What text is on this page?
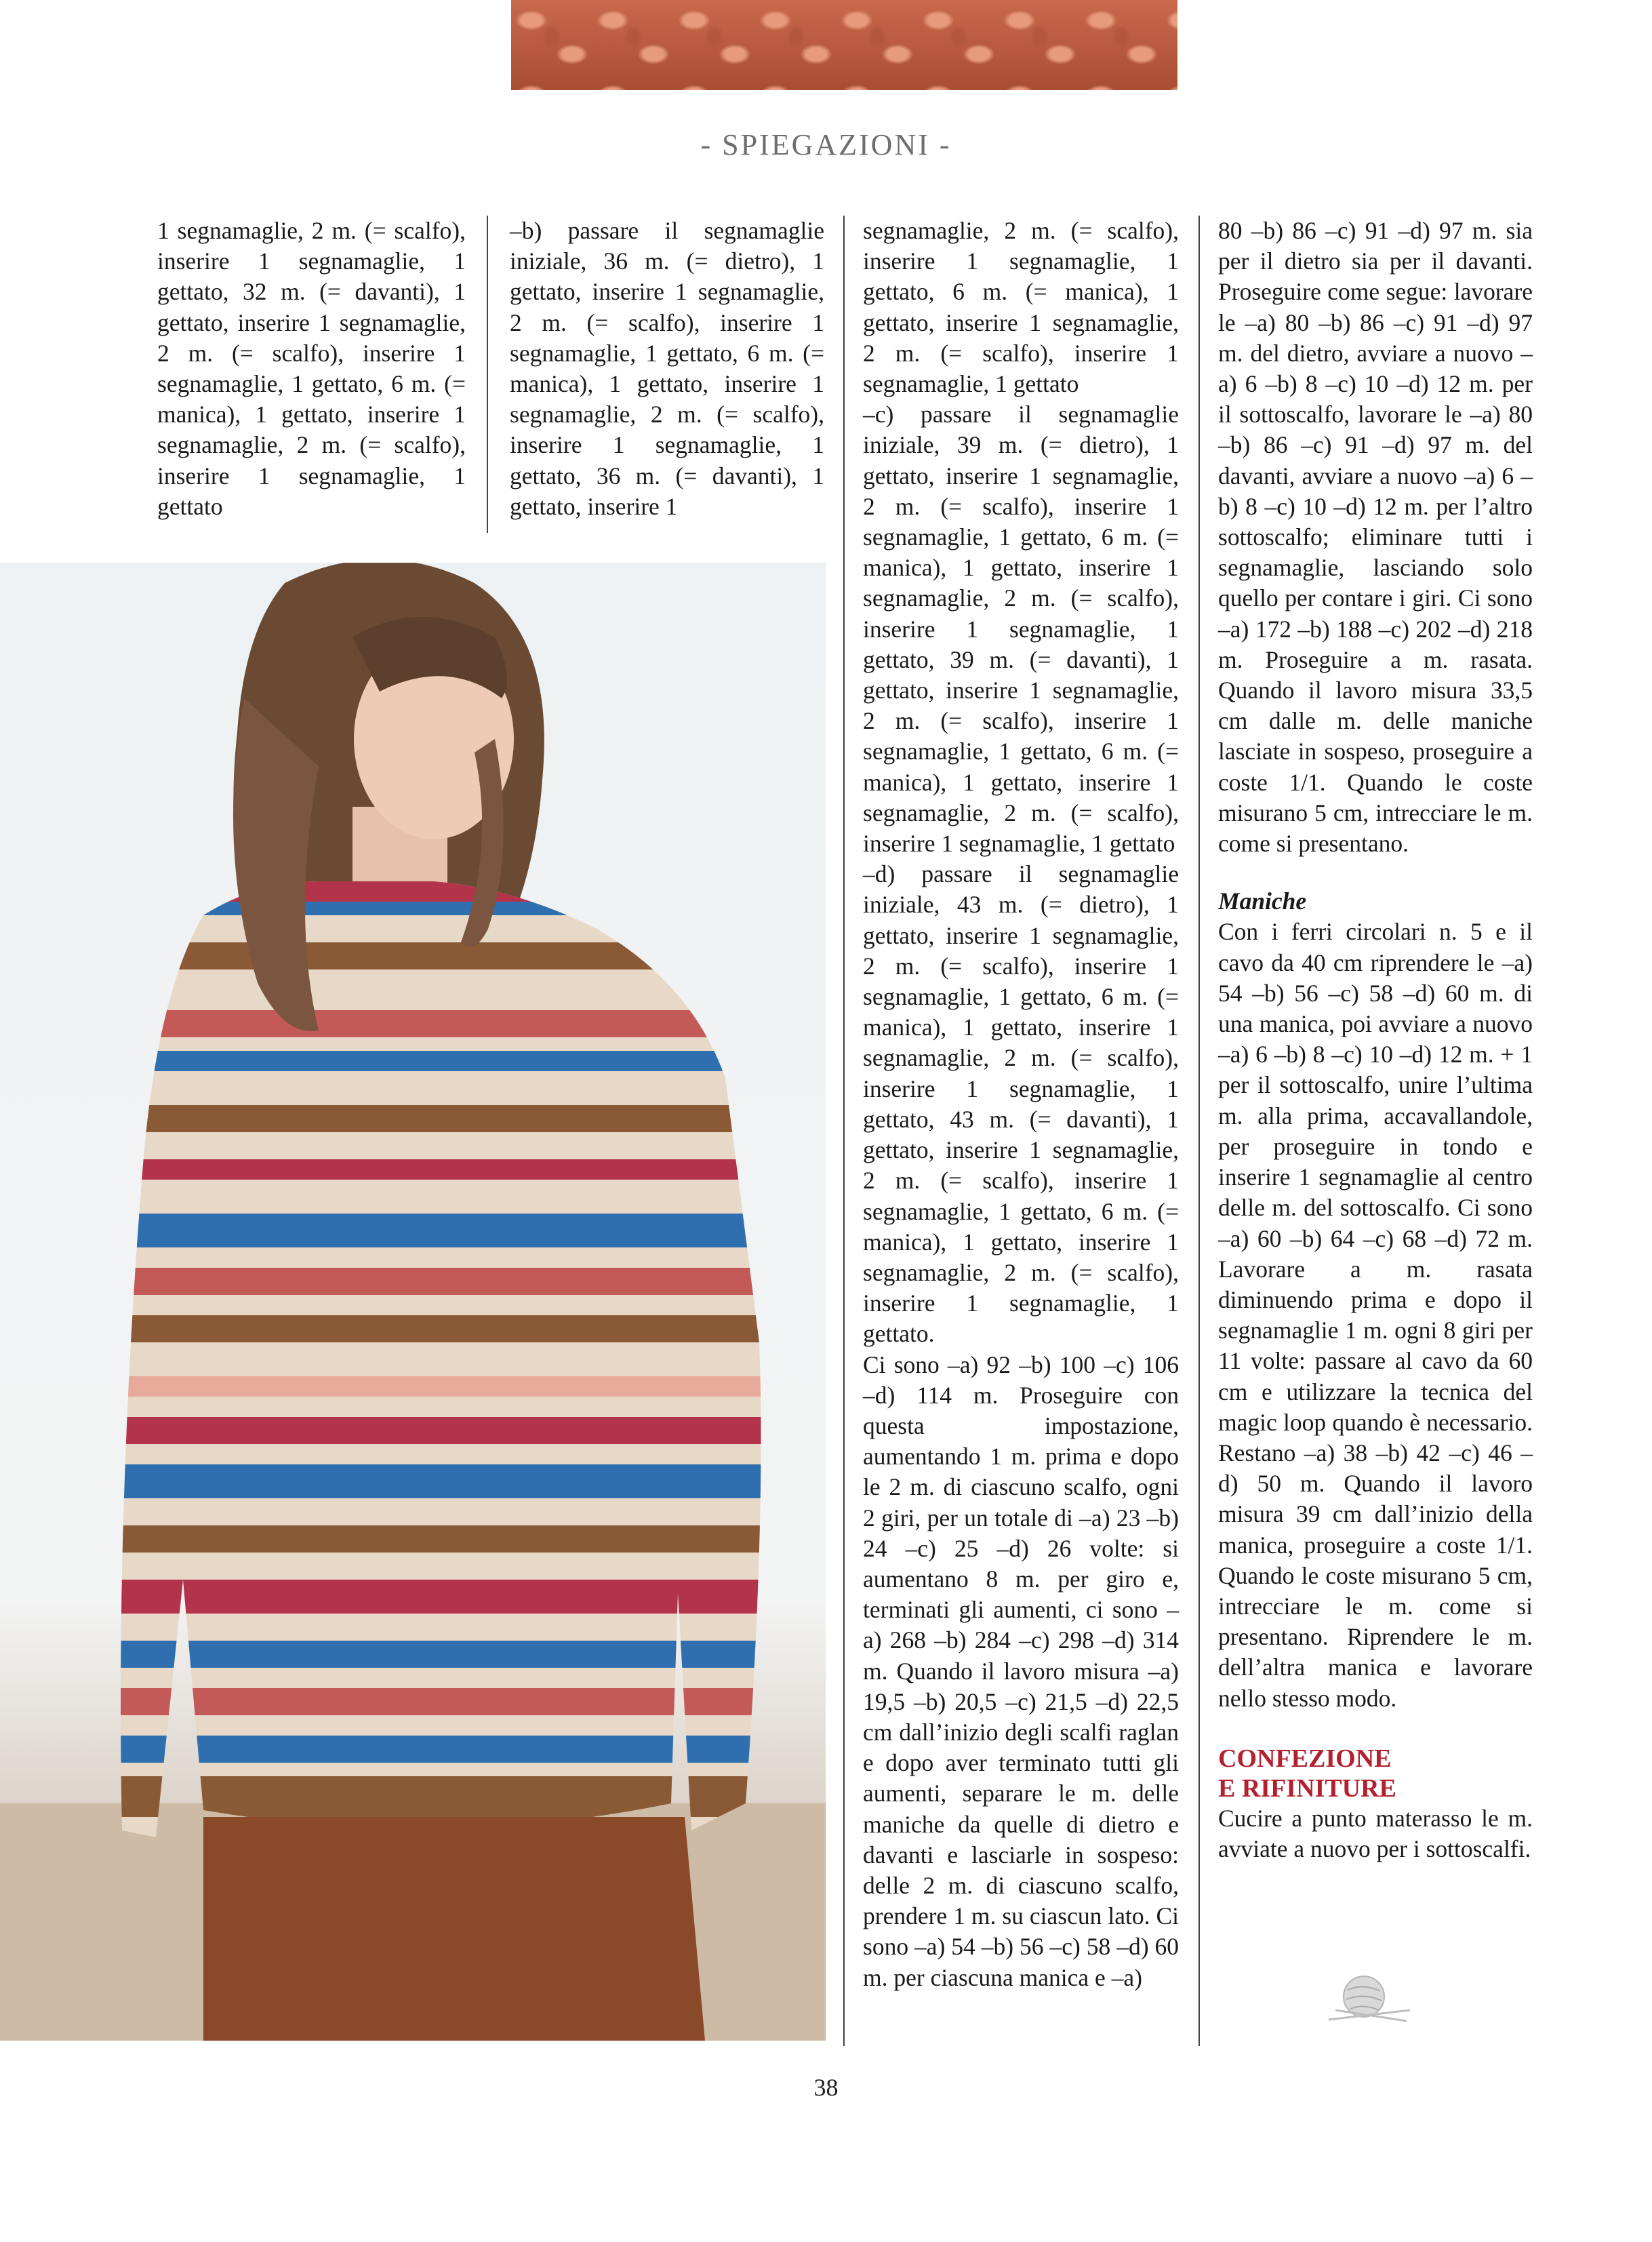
- SPIEGAZIONI -

1 segnamaglie, 2 m. (= scalfo), inserire 1 segnamaglie, 1 gettato, 32 m. (= davanti), 1 gettato, inserire 1 segnamaglie, 2 m. (= scalfo), inserire 1 segnamaglie, 1 gettato, 6 m. (= manica), 1 gettato, inserire 1 segnamaglie, 2 m. (= scalfo), inserire 1 segnamaglie, 1 gettato

–b) passare il segnamaglie iniziale, 36 m. (= dietro), 1 gettato, inserire 1 segnamaglie, 2 m. (= scalfo), inserire 1 segnamaglie, 1 gettato, 6 m. (= manica), 1 gettato, inserire 1 segnamaglie, 2 m. (= scalfo), inserire 1 segnamaglie, 1 gettato, 36 m. (= davanti), 1 gettato, inserire 1

segnamaglie, 2 m. (= scalfo), inserire 1 segnamaglie, 1 gettato, 6 m. (= manica), 1 gettato, inserire 1 segnamaglie, 2 m. (= scalfo), inserire 1 segnamaglie, 1 gettato

–c) passare il segnamaglie iniziale, 39 m. (= dietro), 1 gettato, inserire 1 segnamaglie, 2 m. (= scalfo), inserire 1 segnamaglie, 1 gettato, 6 m. (= manica), 1 gettato, inserire 1 segnamaglie, 2 m. (= scalfo), inserire 1 segnamaglie, 1 gettato, 39 m. (= davanti), 1 gettato, inserire 1 segnamaglie, 2 m. (= scalfo), inserire 1 segnamaglie, 1 gettato, 6 m. (= manica), 1 gettato, inserire 1 segnamaglie, 2 m. (= scalfo), inserire 1 segnamaglie, 1 gettato

–d) passare il segnamaglie iniziale, 43 m. (= dietro), 1 gettato, inserire 1 segnamaglie, 2 m. (= scalfo), inserire 1 segnamaglie, 1 gettato, 6 m. (= manica), 1 gettato, inserire 1 segnamaglie, 2 m. (= scalfo), inserire 1 segnamaglie, 1 gettato, 43 m. (= davanti), 1 gettato, inserire 1 segnamaglie, 2 m. (= scalfo), inserire 1 segnamaglie, 1 gettato, 6 m. (= manica), 1 gettato, inserire 1 segnamaglie, 2 m. (= scalfo), inserire 1 segnamaglie, 1 gettato.

Ci sono –a) 92 –b) 100 –c) 106 –d) 114 m. Proseguire con questa impostazione, aumentando 1 m. prima e dopo le 2 m. di ciascuno scalfo, ogni 2 giri, per un totale di –a) 23 –b) 24 –c) 25 –d) 26 volte: si aumentano 8 m. per giro e, terminati gli aumenti, ci sono –a) 268 –b) 284 –c) 298 –d) 314 m. Quando il lavoro misura –a) 19,5 –b) 20,5 –c) 21,5 –d) 22,5 cm dall’inizio degli scalfi raglan e dopo aver terminato tutti gli aumenti, separare le m. delle maniche da quelle di dietro e davanti e lasciarle in sospeso: delle 2 m. di ciascuno scalfo, prendere 1 m. su ciascun lato. Ci sono –a) 54 –b) 56 –c) 58 –d) 60 m. per ciascuna manica e –a)

80 –b) 86 –c) 91 –d) 97 m. sia per il dietro sia per il davanti. Proseguire come segue: lavorare le –a) 80 –b) 86 –c) 91 –d) 97 m. del dietro, avviare a nuovo –a) 6 –b) 8 –c) 10 –d) 12 m. per il sottoscalfo, lavorare le –a) 80 –b) 86 –c) 91 –d) 97 m. del davanti, avviare a nuovo –a) 6 –b) 8 –c) 10 –d) 12 m. per l’altro sottoscalfo; eliminare tutti i segnamaglie, lasciando solo quello per contare i giri. Ci sono –a) 172 –b) 188 –c) 202 –d) 218 m. Proseguire a m. rasata. Quando il lavoro misura 33,5 cm dalle m. delle maniche lasciate in sospeso, proseguire a coste 1/1. Quando le coste misurano 5 cm, intrecciare le m. come si presentano.

Maniche

Con i ferri circolari n. 5 e il cavo da 40 cm riprendere le –a) 54 –b) 56 –c) 58 –d) 60 m. di una manica, poi avviare a nuovo –a) 6 –b) 8 –c) 10 –d) 12 m. + 1 per il sottoscalfo, unire l’ultima m. alla prima, accavallandole, per proseguire in tondo e inserire 1 segnamaglie al centro delle m. del sottoscalfo. Ci sono –a) 60 –b) 64 –c) 68 –d) 72 m. Lavorare a m. rasata diminuendo prima e dopo il segnamaglie 1 m. ogni 8 giri per 11 volte: passare al cavo da 60 cm e utilizzare la tecnica del magic loop quando è necessario. Restano –a) 38 –b) 42 –c) 46 –d) 50 m. Quando il lavoro misura 39 cm dall’inizio della manica, proseguire a coste 1/1. Quando le coste misurano 5 cm, intrecciare le m. come si presentano. Riprendere le m. dell’altra manica e lavorare nello stesso modo.

CONFEZIONE
E RIFINITURE

Cucire a punto materasso le m. avviate a nuovo per i sottoscalfi.

38
